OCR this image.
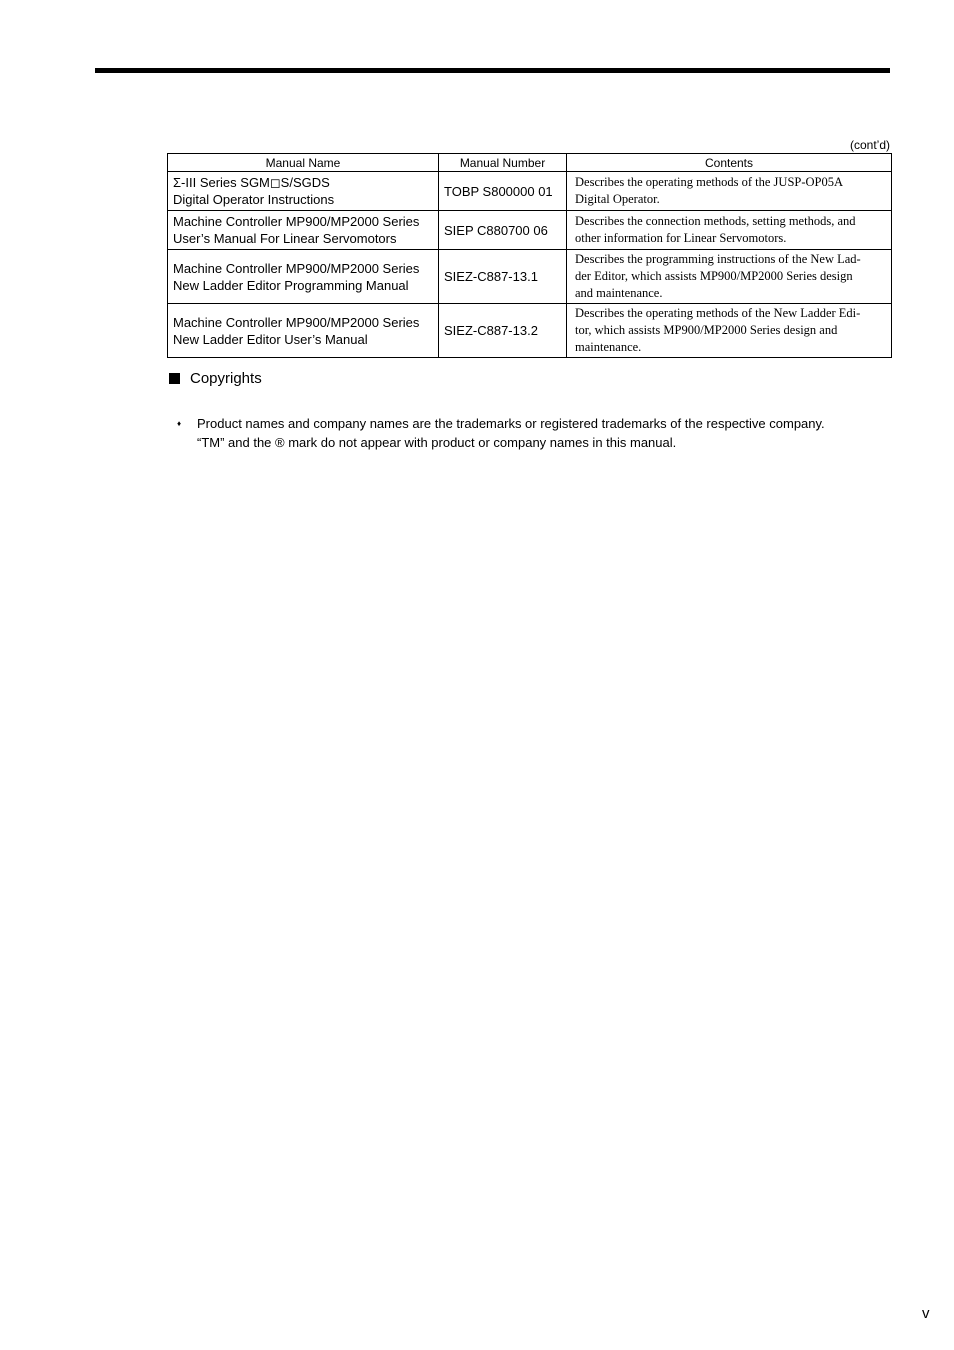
(cont’d)
Manual Name	Manual Number	Contents

Σ-III Series SGM◻S/SGDS
Digital Operator Instructions	TOBP S800000 01	Describes the operating methods of the JUSP-OP05A
Digital Operator.

Machine Controller MP900/MP2000 Series
User’s Manual For Linear Servomotors	SIEP C880700 06	Describes the connection methods, setting methods, and
other information for Linear Servomotors.

Machine Controller MP900/MP2000 Series
New Ladder Editor Programming Manual	SIEZ-C887-13.1	Describes the programming instructions of the New Lad-
der Editor, which assists MP900/MP2000 Series design
and maintenance.

Machine Controller MP900/MP2000 Series
New Ladder Editor User’s Manual	SIEZ-C887-13.2	Describes the operating methods of the New Ladder Edi-
tor, which assists MP900/MP2000 Series design and
maintenance.
Copyrights
♦	Product names and company names are the trademarks or registered trademarks of the respective company.
“TM” and the ® mark do not appear with product or company names in this manual.
v
